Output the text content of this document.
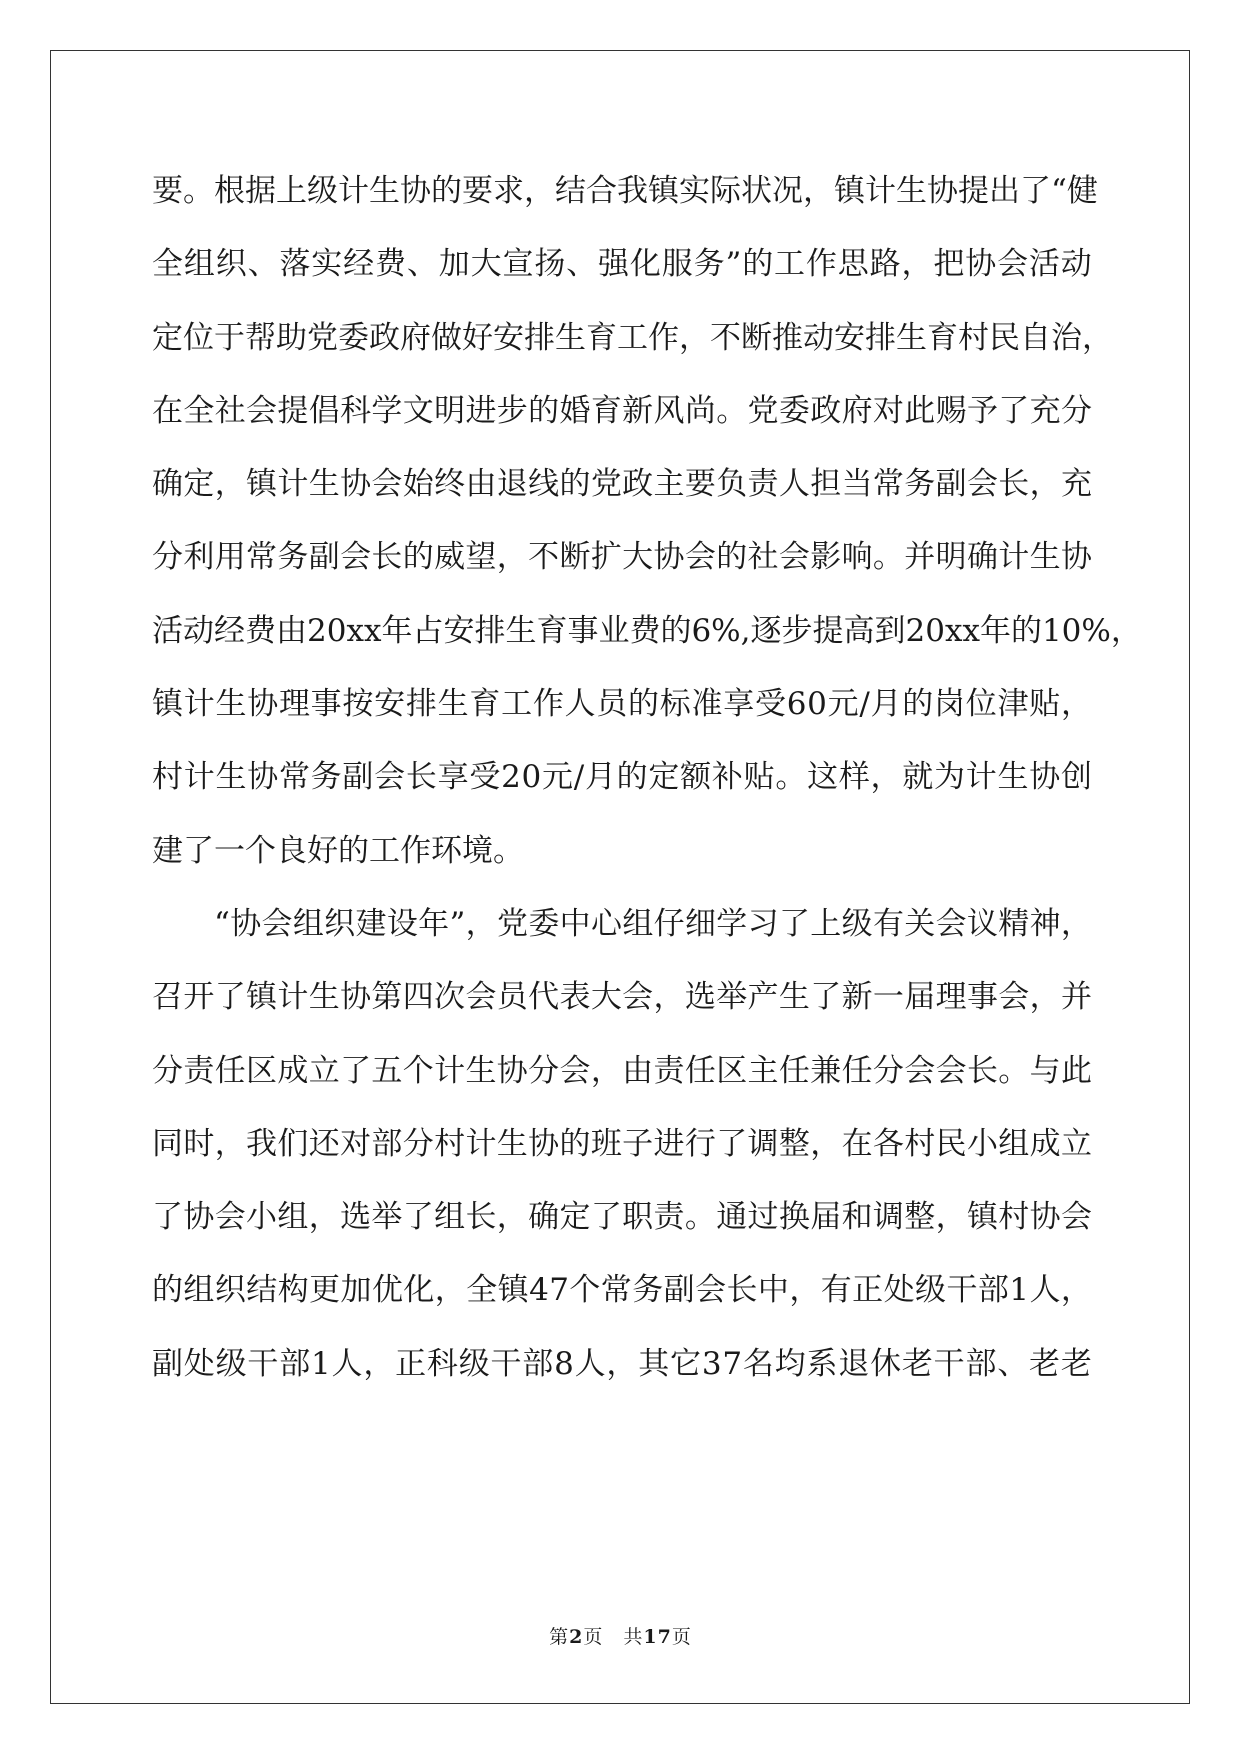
要 。 根 据 上 级 计 生 协 的 要 求 ， 结 合 我 镇 实 际 状 况 ， 镇 计 生 协 提 出 了 “ 健
全 组 织 、 落 实 经 费 、 加 大 宣 扬 、 强 化 服 务 ” 的 工 作 思 路 ， 把 协 会 活 动
定 位 于 帮 助 党 委 政 府 做 好 安 排 生 育 工 作 ， 不 断 推 动 安 排 生 育 村 民 自 治 ，
在 全 社 会 提 倡 科 学 文 明 进 步 的 婚 育 新 风 尚 。 党 委 政 府 对 此 赐 予 了 充 分
确 定 ， 镇 计 生 协 会 始 终 由 退 线 的 党 政 主 要 负 责 人 担 当 常 务 副 会 长 ， 充
分 利 用 常 务 副 会 长 的 威 望 ， 不 断 扩 大 协 会 的 社 会 影 响 。 并 明 确 计 生 协
活 动 经 费 由 2 0 x x 年 占 安 排 生 育 事 业 费 的 6 % , 逐 步 提 高 到 2 0 x x 年 的 1 0 % ，
镇 计 生 协 理 事 按 安 排 生 育 工 作 人 员 的 标 准 享 受 6 0 元 / 月 的 岗 位 津 贴 ，
村 计 生 协 常 务 副 会 长 享 受 2 0 元 / 月 的 定 额 补 贴 。 这 样 ， 就 为 计 生 协 创
建了一个良好的工作环境。
“ 协 会 组 织 建 设 年 ” ， 党 委 中 心 组 仔 细 学 习 了 上 级 有 关 会 议 精 神 ，
召 开 了 镇 计 生 协 第 四 次 会 员 代 表 大 会 ， 选 举 产 生 了 新 一 届 理 事 会 ， 并
分 责 任 区 成 立 了 五 个 计 生 协 分 会 ， 由 责 任 区 主 任 兼 任 分 会 会 长 。 与 此
同 时 ， 我 们 还 对 部 分 村 计 生 协 的 班 子 进 行 了 调 整 ， 在 各 村 民 小 组 成 立
了 协 会 小 组 ， 选 举 了 组 长 ， 确 定 了 职 责 。 通 过 换 届 和 调 整 ， 镇 村 协 会
的 组 织 结 构 更 加 优 化 ， 全 镇 4 7 个 常 务 副 会 长 中 ， 有 正 处 级 干 部 1 人 ，
副 处 级 干 部 1 人 ， 正 科 级 干 部 8 人 ， 其 它 3 7 名 均 系 退 休 老 干 部 、 老 老
第2页　共17页
